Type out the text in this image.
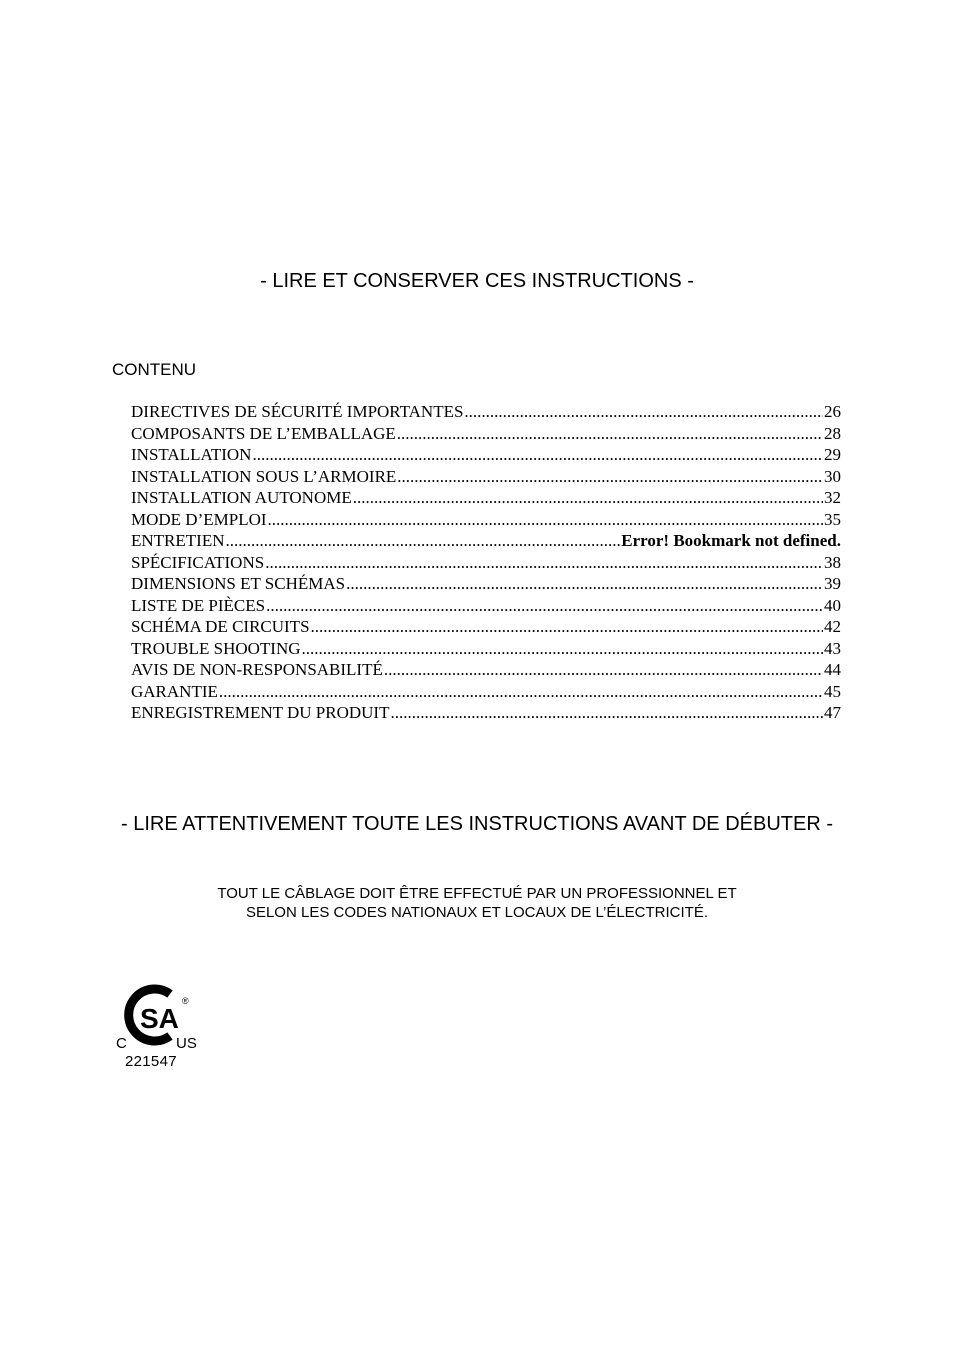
- LIRE ET CONSERVER CES INSTRUCTIONS -
CONTENU
DIRECTIVES DE SÉCURITÉ IMPORTANTES .....	26
COMPOSANTS DE L’EMBALLAGE .....	28
INSTALLATION .....	29
INSTALLATION SOUS L’ARMOIRE .....	30
INSTALLATION AUTONOME .....	32
MODE D’EMPLOI .....	35
ENTRETIEN .....	Error! Bookmark not defined.
SPÉCIFICATIONS .....	38
DIMENSIONS ET SCHÉMAS .....	39
LISTE DE PIÈCES .....	40
SCHÉMA DE CIRCUITS .....	42
TROUBLE SHOOTING .....	43
AVIS DE NON-RESPONSABILITÉ .....	44
GARANTIE .....	45
ENREGISTREMENT DU PRODUIT .....	47
- LIRE ATTENTIVEMENT TOUTE LES INSTRUCTIONS AVANT DE DÉBUTER -
TOUT LE CÂBLAGE DOIT ÊTRE EFFECTUÉ PAR UN PROFESSIONNEL ET
SELON LES CODES NATIONAUX ET LOCAUX DE L’ÉLECTRICITÉ.
SA
®
C	US
221547
